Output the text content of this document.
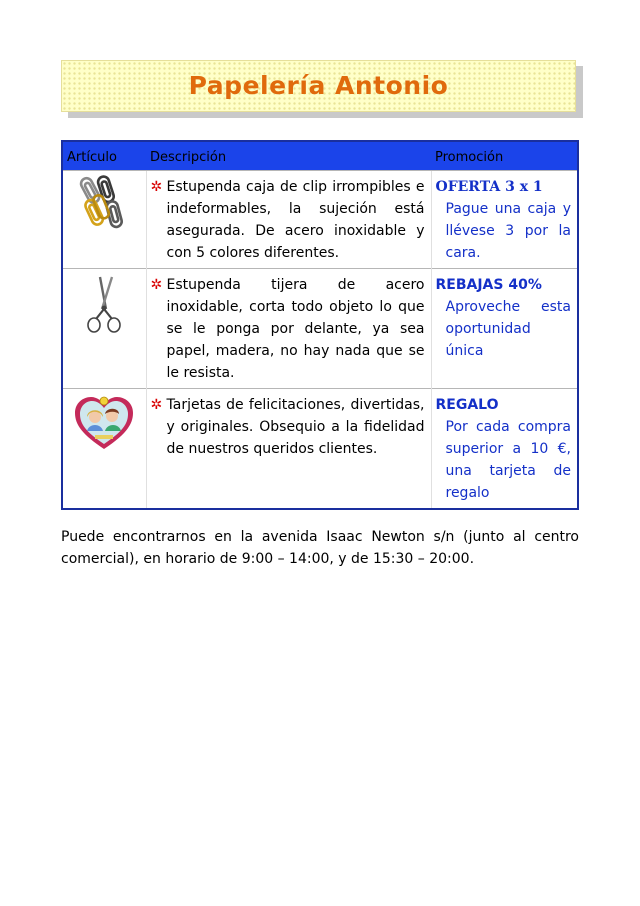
Papelería Antonio
Artículo	Descripción	Promoción

✲ Estupenda caja de clip irrompibles e indeformables, la sujeción está asegurada. De acero inoxidable y con 5 colores diferentes.	OFERTA 3 x 1
Pague una caja y llévese 3 por la cara.

✲ Estupenda tijera de acero inoxidable, corta todo objeto lo que se le ponga por delante, ya sea papel, madera, no hay nada que se le resista.	REBAJAS 40%
Aproveche esta oportunidad única

✲ Tarjetas de felicitaciones, divertidas, y originales. Obsequio a la fidelidad de nuestros queridos clientes.	REGALO
Por cada compra superior a 10 €, una tarjeta de regalo
Puede encontrarnos en la avenida Isaac Newton s/n (junto al centro comercial), en horario de 9:00 – 14:00, y de 15:30 – 20:00.
